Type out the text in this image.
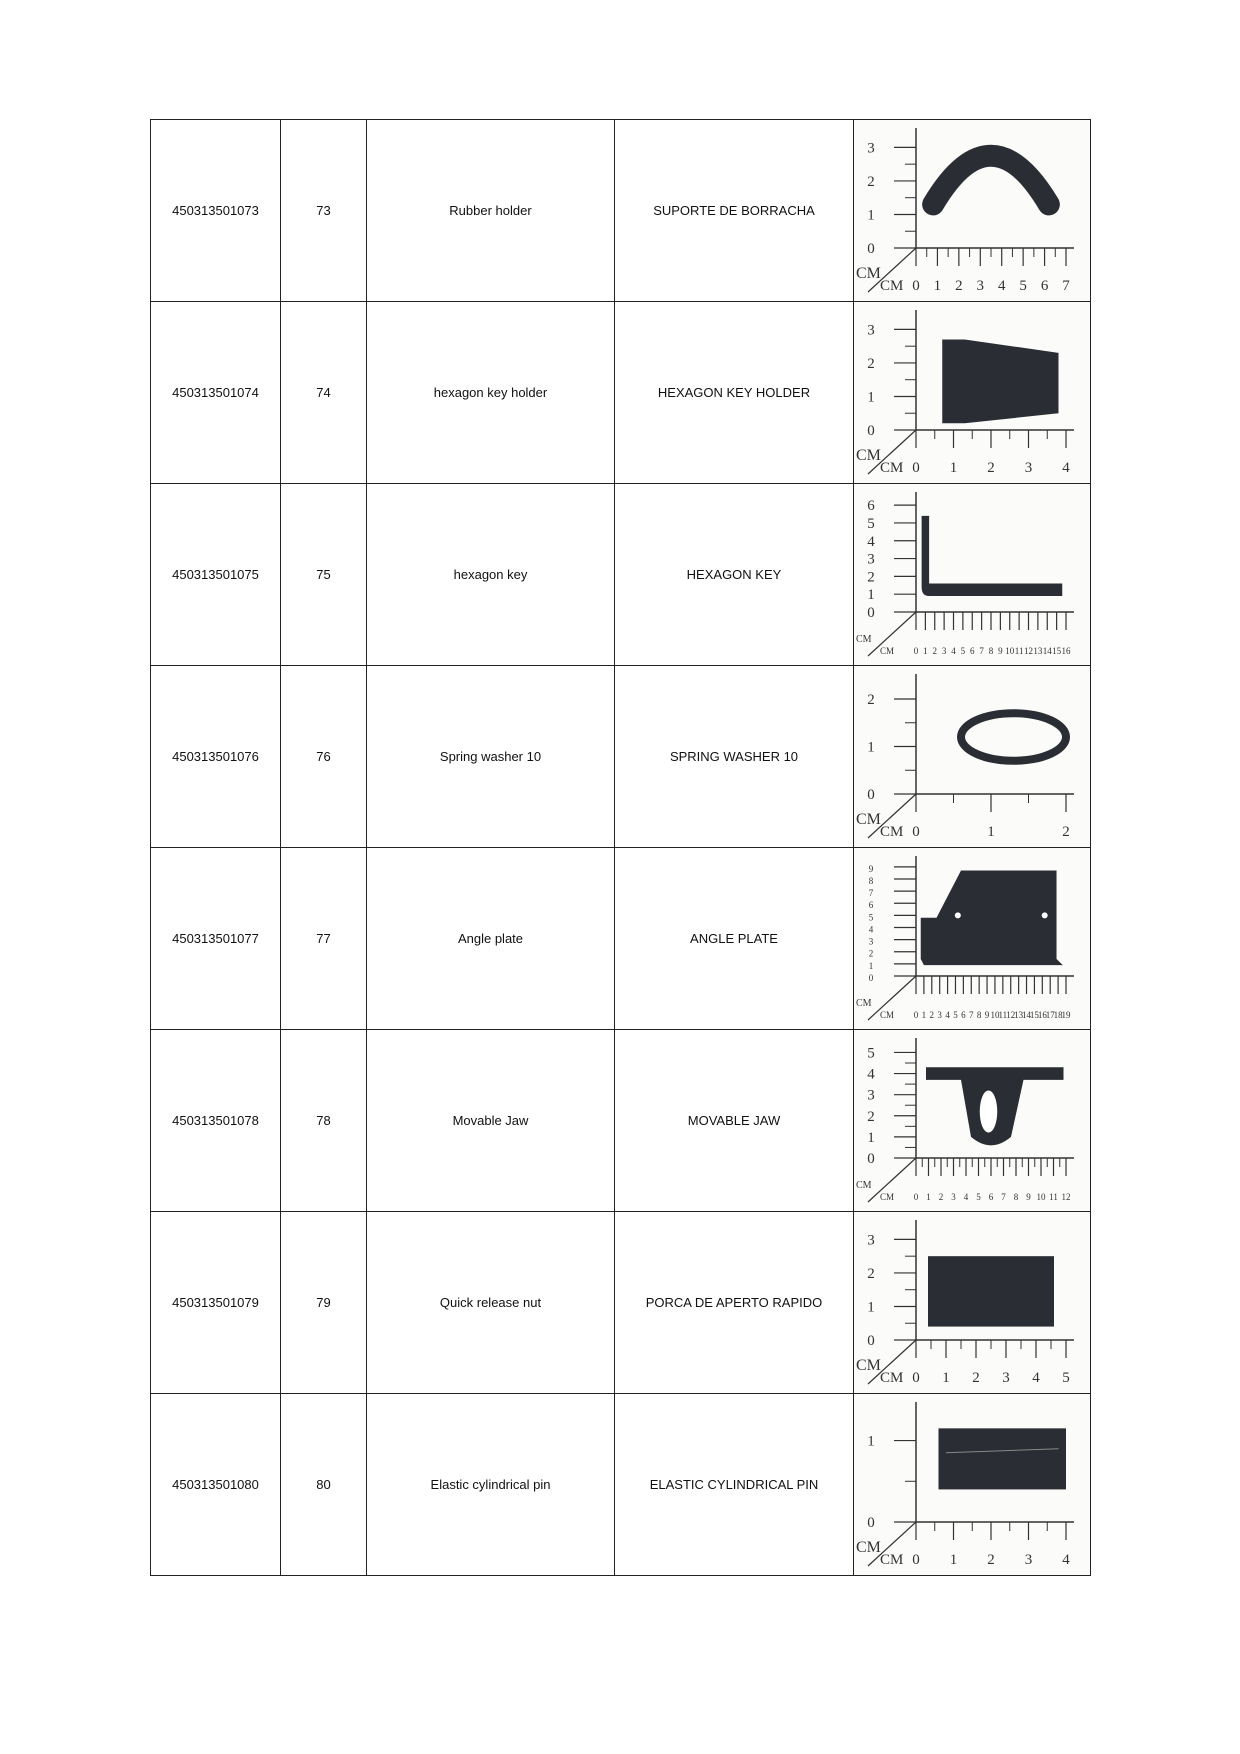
450313501073	73	Rubber holder	SUPORTE DE BORRACHA	
0 1 2 3 4 5 6 7
0
1
2
3
CM
CM

450313501074	74	hexagon key holder	HEXAGON KEY HOLDER	
0 1 2 3 4
0
1
2
3
CM
CM

450313501075	75	hexagon key	HEXAGON KEY	
0 1 2 3 4 5 6 7 8 9 10 11 12 13 14 15 16
0
1
2
3
4
5
6
CM
CM

450313501076	76	Spring washer 10	SPRING WASHER 10	
0	1	2
0
1
2
CM
CM

450313501077	77	Angle plate	ANGLE PLATE	
0 1 2 3 4 5 6 7 8 9 10 11 12
13
14
15
16
17
18
19
0
1
2
3
4
5
6
7
8
9
CM
CM

450313501078	78	Movable Jaw	MOVABLE JAW	
0 1 2 3 4 5 6 7 8 9 10 11 12
0
1
2
3
4
5
CM
CM

450313501079	79	Quick release nut	PORCA DE APERTO RAPIDO	
0 1 2 3 4 5
0
1
2
3
CM
CM

450313501080	80	Elastic cylindrical pin	ELASTIC CYLINDRICAL PIN	
0 1 2 3 4
0
1
CM
CM
